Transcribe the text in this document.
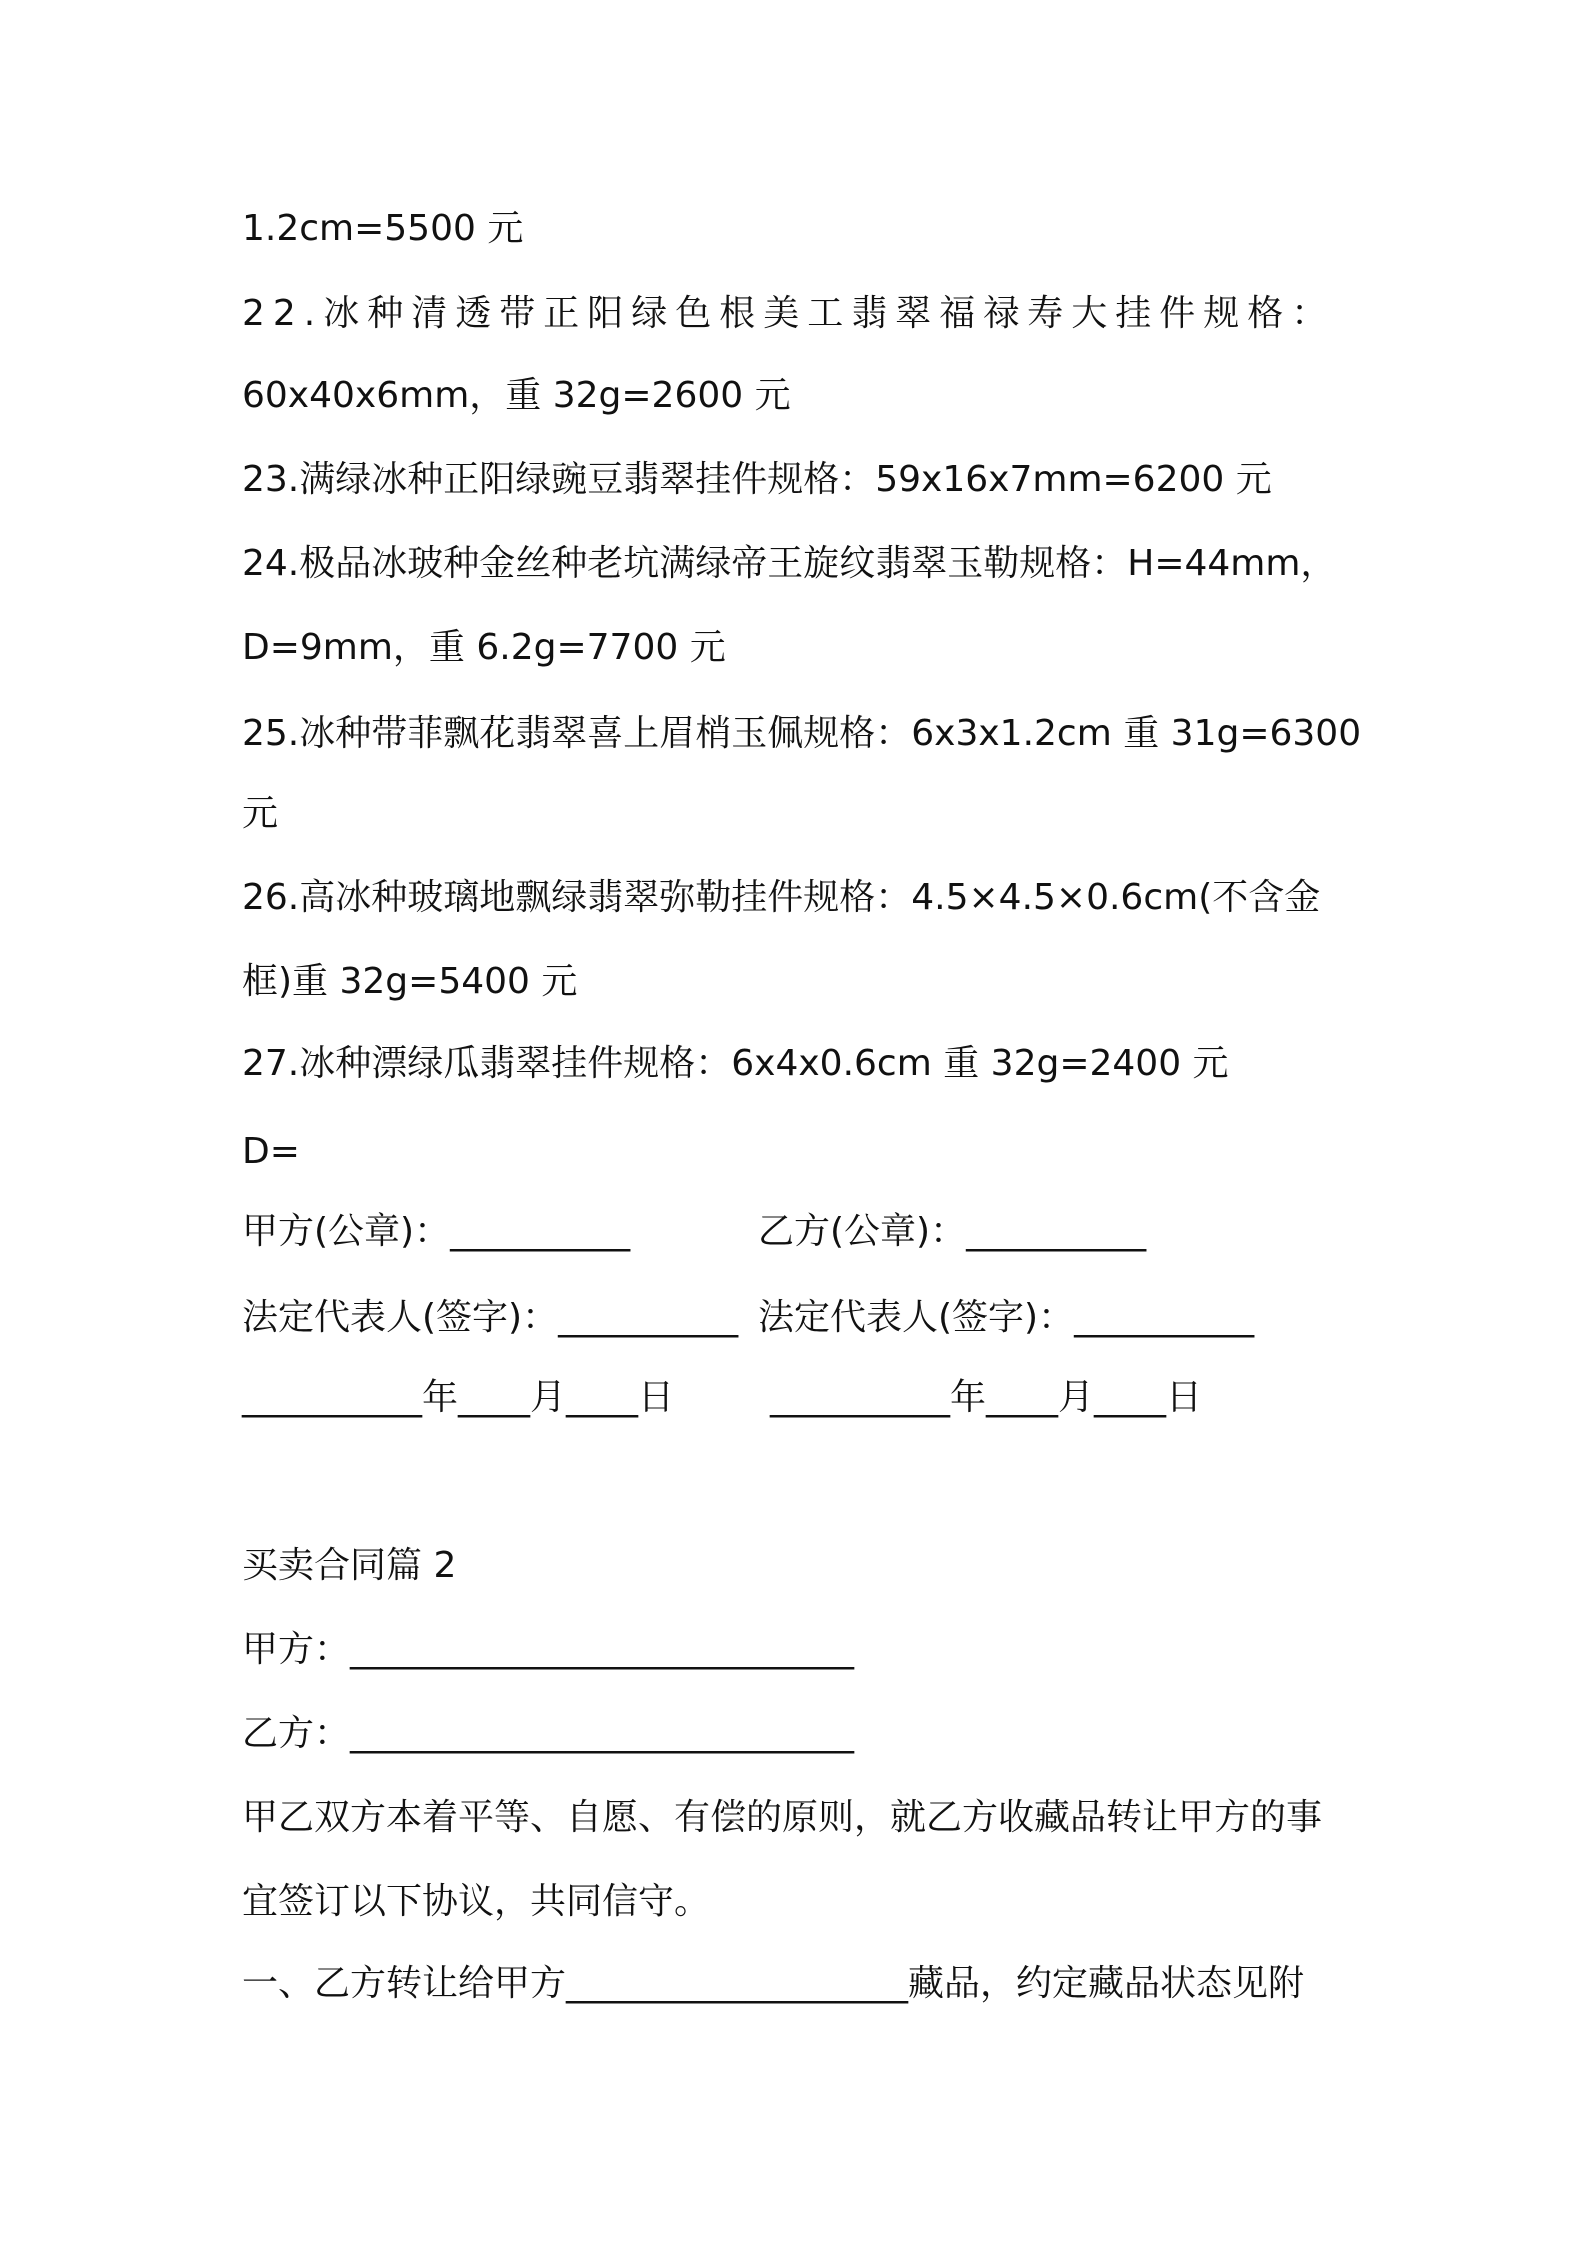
1.2cm=5500 元
22.冰种清透带正阳绿色根美工翡翠福禄寿大挂件规格：
60x40x6mm，重 32g=2600 元
23.满绿冰种正阳绿豌豆翡翠挂件规格：59x16x7mm=6200 元
24.极品冰玻种金丝种老坑满绿帝王旋纹翡翠玉勒规格：H=44mm，
D=9mm，重 6.2g=7700 元
25.冰种带菲飘花翡翠喜上眉梢玉佩规格：6x3x1.2cm 重 31g=6300
元
26.高冰种玻璃地飘绿翡翠弥勒挂件规格：4.5×4.5×0.6cm(不含金
框)重 32g=5400 元
27.冰种漂绿瓜翡翠挂件规格：6x4x0.6cm 重 32g=2400 元
D=
甲方(公章)：__________	乙方(公章)：__________
法定代表人(签字)：__________ 法定代表人(签字)：__________
__________年____月____日	__________年____月____日
买卖合同篇 2
甲方：____________________________
乙方：____________________________
甲乙双方本着平等、自愿、有偿的原则，就乙方收藏品转让甲方的事
宜签订以下协议，共同信守。
一、乙方转让给甲方___________________藏品，约定藏品状态见附
